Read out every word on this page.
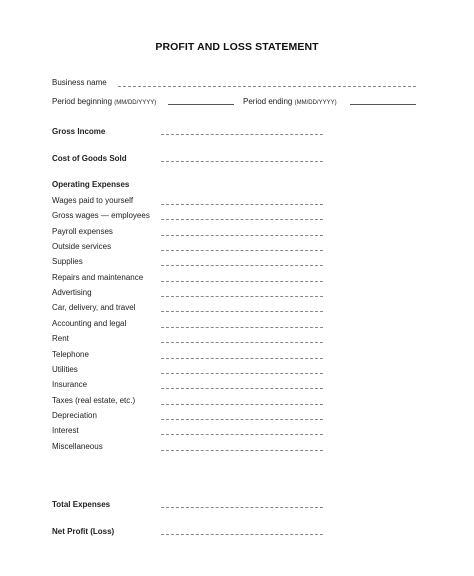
PROFIT AND LOSS STATEMENT
Business name
Period beginning (MM/DD/YYYY)	Period ending (MM/DD/YYYY)
Gross Income
Cost of Goods Sold
Operating Expenses
Wages paid to yourself
Gross wages — employees
Payroll expenses
Outside services
Supplies
Repairs and maintenance
Advertising
Car, delivery, and travel
Accounting and legal
Rent
Telephone
Utilities
Insurance
Taxes (real estate, etc.)
Depreciation
Interest
Miscellaneous
Total Expenses
Net Profit (Loss)
